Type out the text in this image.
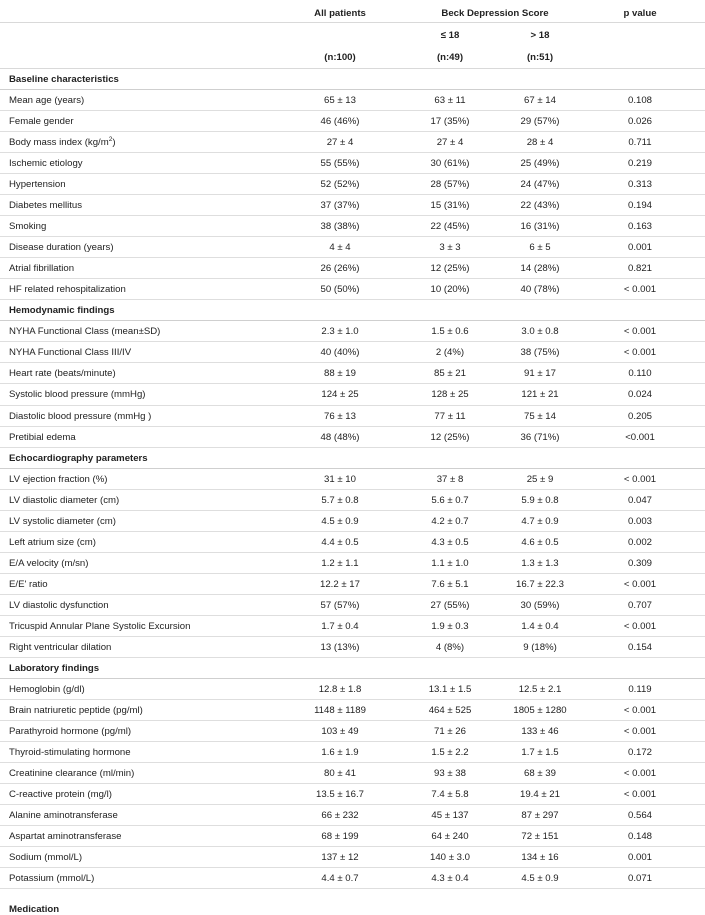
All patients	Beck Depression Score	p value
≤ 18	> 18
(n:100)	(n:49)	(n:51)
Baseline characteristics
Mean age (years)	65 ± 13	63 ± 11	67 ± 14	0.108
Female gender	46 (46%)	17 (35%)	29 (57%)	0.026
Body mass index $(kg/m^2)$	27 ± 4	27 ± 4	28 ± 4	0.711
Ischemic etiology	55 (55%)	30 (61%)	25 (49%)	0.219
Hypertension	52 (52%)	28 (57%)	24 (47%)	0.313
Diabetes mellitus	37 (37%)	15 (31%)	22 (43%)	0.194
Smoking	38 (38%)	22 (45%)	16 (31%)	0.163
Disease duration (years)	4 ± 4	3 ± 3	6 ± 5	0.001
Atrial fibrillation	26 (26%)	12 (25%)	14 (28%)	0.821
HF related rehospitalization	50 (50%)	10 (20%)	40 (78%)	< 0.001
Hemodynamic findings
NYHA Functional Class (mean±SD)	2.3 ± 1.0	1.5 ± 0.6	3.0 ± 0.8	< 0.001
NYHA Functional Class III/IV	40 (40%)	2 (4%)	38 (75%)	< 0.001
Heart rate (beats/minute)	88 ± 19	85 ± 21	91 ± 17	0.110
Systolic blood pressure (mmHg)	124 ± 25	128 ± 25	121 ± 21	0.024
Diastolic blood pressure (mmHg )	76 ± 13	77 ± 11	75 ± 14	0.205
Pretibial edema	48 (48%)	12 (25%)	36 (71%)	<0.001
Echocardiography parameters
LV ejection fraction (%)	31 ± 10	37 ± 8	25 ± 9	< 0.001
LV diastolic diameter (cm)	5.7 ± 0.8	5.6 ± 0.7	5.9 ± 0.8	0.047
LV systolic diameter (cm)	4.5 ± 0.9	4.2 ± 0.7	4.7 ± 0.9	0.003
Left atrium size (cm)	4.4 ± 0.5	4.3 ± 0.5	4.6 ± 0.5	0.002
E/A velocity (m/sn)	1.2 ± 1.1	1.1 ± 1.0	1.3 ± 1.3	0.309
E/E' ratio	12.2 ± 17	7.6 ± 5.1	16.7 ± 22.3	< 0.001
LV diastolic dysfunction	57 (57%)	27 (55%)	30 (59%)	0.707
Tricuspid Annular Plane Systolic Excursion	1.7 ± 0.4	1.9 ± 0.3	1.4 ± 0.4	< 0.001
Right ventricular dilation	13 (13%)	4 (8%)	9 (18%)	0.154
Laboratory findings
Hemoglobin (g/dl)	12.8 ± 1.8	13.1 ± 1.5	12.5 ± 2.1	0.119
Brain natriuretic peptide (pg/ml)	1148 ± 1189	464 ± 525	1805 ± 1280	< 0.001
Parathyroid hormone (pg/ml)	103 ± 49	71 ± 26	133 ± 46	< 0.001
Thyroid-stimulating hormone	1.6 ± 1.9	1.5 ± 2.2	1.7 ± 1.5	0.172
Creatinine clearance (ml/min)	80 ± 41	93 ± 38	68 ± 39	< 0.001
C-reactive protein (mg/l)	13.5 ± 16.7	7.4 ± 5.8	19.4 ± 21	< 0.001
Alanine aminotransferase	66 ± 232	45 ± 137	87 ± 297	0.564
Aspartat aminotransferase	68 ± 199	64 ± 240	72 ± 151	0.148
Sodium (mmol/L)	137 ± 12	140 ± 3.0	134 ± 16	0.001
Potassium (mmol/L)	4.4 ± 0.7	4.3 ± 0.4	4.5 ± 0.9	0.071
Medication
